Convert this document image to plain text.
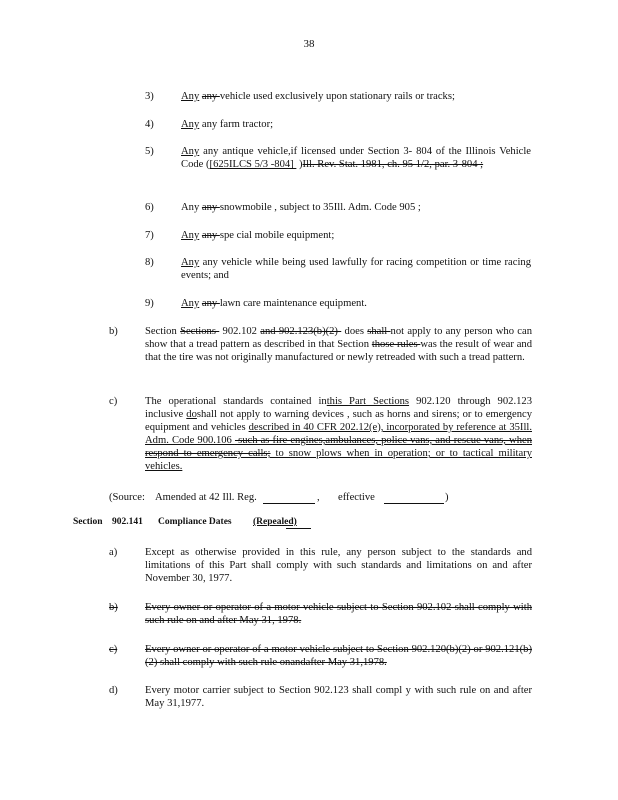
38
3)	Any any vehicle used exclusively upon stationary rails or tracks;
4)	Any any farm tractor;
5)	Any any antique vehicle,if licensed under Section 3- 804 of the Illinois Vehicle Code ([625ILCS 5/3 -804]  )Ill. Rev. Stat. 1981, ch. 95 1/2, par. 3-804 ;
6)	Any any snowmobile , subject to 35Ill. Adm. Code 905 ;
7)	Any any spe cial mobile equipment;
8)	Any any vehicle while being used lawfully for racing competition or time racing events; and
9)	Any any lawn care maintenance equipment.
b)	Section Sections  902.102 and 902.123(b)(2)  does shall not apply to any person who can show that a tread pattern as described in that Section those rules was the result of wear and that the tire was not originally manufactured or newly retreaded with such a tread pattern.
c)	The operational standards contained inthis Part Sections 902.120 through 902.123 inclusive doshall not apply to warning devices , such as horns and sirens; or to emergency equipment and vehicles described in 40 CFR 202.12(e), incorporated by reference at 35Ill. Adm. Code 900.106  such as fire engines,ambulances, police vans, and rescue vans, when respond to emergency calls; to snow plows when in operation; or to tactical military vehicles.
(Source: Amended at 42 Ill. Reg.	, effective	)
Section 902.141 Compliance Dates (Repealed)
a)	Except as otherwise provided in this rule, any person subject to the standards and limitations of this Part shall comply with such standards and limitations on and after November 30, 1977.
b)	Every owner or operator of a motor vehicle subject to Section 902.102 shall comply with such rule on and after May 31, 1978.
c)	Every owner or operator of a motor vehicle subject to Section 902.120(b)(2) or 902.121(b)(2) shall comply with such rule onandafter May 31,1978.
d)	Every motor carrier subject to Section 902.123 shall compl y with such rule on and after May 31,1977.
